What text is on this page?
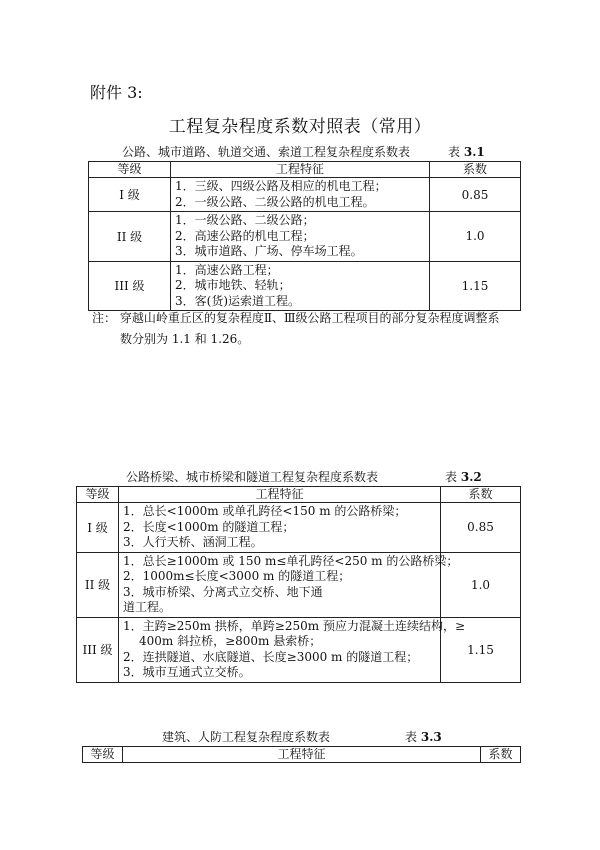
附件 3:
工程复杂程度系数对照表（常用）
公路、城市道路、轨道交通、索道工程复杂程度系数表	表 3.1
等级	工程特征	系数
I 级	1．三级、四级公路及相应的机电工程；
2．一级公路、二级公路的机电工程。	0.85
II 级	1．一级公路、二级公路；
2．高速公路的机电工程；
3．城市道路、广场、停车场工程。	1.0
III 级	1．高速公路工程；
2．城市地铁、轻轨；
3．客(货)运索道工程。	1.15
注： 穿越山岭重丘区的复杂程度Ⅱ、Ⅲ级公路工程项目的部分复杂程度调整系
数分别为 1.1 和 1.26。
公路桥梁、城市桥梁和隧道工程复杂程度系数表	表 3.2
等级	工程特征	系数
I 级	1．总长<1000m 或单孔跨径<150 m 的公路桥梁；
2．长度<1000m 的隧道工程；
3．人行天桥、涵洞工程。	0.85
II 级	1．总长≥1000m 或 150 m≤单孔跨径<250 m 的公路桥梁；
2．1000m≤长度<3000 m 的隧道工程；
3．城市桥梁、分离式立交桥、地下通
道工程。	1.0
III 级	1．主跨≥250m 拱桥，单跨≥250m 预应力混凝土连续结构，≥
400m 斜拉桥，≥800m 悬索桥；
2．连拱隧道、水底隧道、长度≥3000 m 的隧道工程；
3．城市互通式立交桥。	1.15
建筑、人防工程复杂程度系数表	表 3.3
等级	工程特征	系数
